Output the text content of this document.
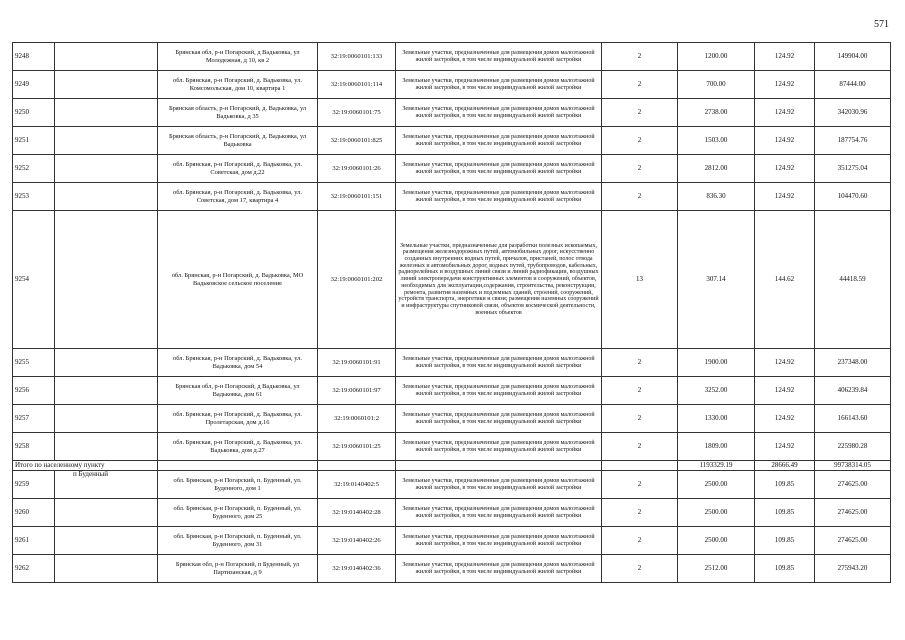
571
9248		Брянская обл, р-н Погарский, д Вадьковка, ул Молодежная, д 10, кв 2	32:19:0060101:133	Земельные участки, предназначенные для размещения домов малоэтажной жилой застройки, в том числе индивидуальной жилой застройки	2	1200.00	124.92	149904.00
9249		обл. Брянская, р-н Погарский, д. Вадьковка, ул. Комсомольская, дом 10, квартира 1	32:19:0060101:114	Земельные участки, предназначенные для размещения домов малоэтажной жилой застройки, в том числе индивидуальной жилой застройки	2	700.00	124.92	87444.00
9250		Брянская область, р-н Погарский, д. Вадьковка, ул Вадьковка, д 35	32:19:0060101:75	Земельные участки, предназначенные для размещения домов малоэтажной жилой застройки, в том числе индивидуальной жилой застройки	2	2738.00	124.92	342030.96
9251		Брянская область, р-н Погарский, д. Вадьковка, ул Вадьковка	32:19:0060101:825	Земельные участки, предназначенные для размещения домов малоэтажной жилой застройки, в том числе индивидуальной жилой застройки	2	1503.00	124.92	187754.76
9252		обл. Брянская, р-н Погарский, д. Вадьковка, ул. Советская, дом д.22	32:19:0060101:26	Земельные участки, предназначенные для размещения домов малоэтажной жилой застройки, в том числе индивидуальной жилой застройки	2	2812.00	124.92	351275.04
9253		обл. Брянская, р-н Погарский, д. Вадьковка, ул. Советская, дом 17, квартира 4	32:19:0060101:151	Земельные участки, предназначенные для размещения домов малоэтажной жилой застройки, в том числе индивидуальной жилой застройки	2	836.30	124.92	104470.60
9254		обл. Брянская, р-н Погарский, д. Вадьковка, МО Вадьковское сельское поселение	32:19:0060101:202	Земельные участки, предназначенные для разработки полезных ископаемых, размещения железнодорожных путей, автомобильных дорог, искусственно созданных внутренних водных путей, причалов, пристаней, полос отвода железных и автомобильных дорог, водных путей, трубопроводов, кабельных, радиорелейных и воздушных линий связи и линий радиофикации, воздушных линий электропередачи конструктивных элементов и сооружений, объектов, необходимых для эксплуатации,содержания, строительства, реконструкции, ремонта, развития наземных и подземных зданий, строений, сооружений, устройств транспорта, энергетики и связи; размещения наземных сооружений и инфраструктуры спутниковой связи, объектов космической деятельности, военных объектов	13	307.14	144.62	44418.59
9255		обл. Брянская, р-н Погарский, д. Вадьковка, ул. Вадьковка, дом 54	32:19:0060101:91	Земельные участки, предназначенные для размещения домов малоэтажной жилой застройки, в том числе индивидуальной жилой застройки	2	1900.00	124.92	237348.00
9256		Брянская обл, р-н Погарский, д Вадьковка, ул Вадьковка, дом 61	32:19:0060101:97	Земельные участки, предназначенные для размещения домов малоэтажной жилой застройки, в том числе индивидуальной жилой застройки	2	3252.00	124.92	406239.84
9257		обл. Брянская, р-н Погарский, д. Вадьковка, ул. Пролетарская, дом д.16	32:19:0060101:2	Земельные участки, предназначенные для размещения домов малоэтажной жилой застройки, в том числе индивидуальной жилой застройки	2	1330.00	124.92	166143.60
9258		обл. Брянская, р-н Погарский, д. Вадьковка, ул. Вадьковка, дом д.27	32:19:0060101:25	Земельные участки, предназначенные для размещения домов малоэтажной жилой застройки, в том числе индивидуальной жилой застройки	2	1809.00	124.92	225980.28
Итого по населенному пункту						1193329.19	28666.49	99738314.05
9259	п Буденный	обл. Брянская, р-н Погарский, п. Буденный, ул. Буденного, дом 1	32:19:0140402:5	Земельные участки, предназначенные для размещения домов малоэтажной жилой застройки, в том числе индивидуальной жилой застройки	2	2500.00	109.85	274625.00
9260		обл. Брянская, р-н Погарский, п. Буденный, ул. Буденного, дом 25	32:19:0140402:28	Земельные участки, предназначенные для размещения домов малоэтажной жилой застройки, в том числе индивидуальной жилой застройки	2	2500.00	109.85	274625.00
9261		обл. Брянская, р-н Погарский, п. Буденный, ул. Буденного, дом 31	32:19:0140402:26	Земельные участки, предназначенные для размещения домов малоэтажной жилой застройки, в том числе индивидуальной жилой застройки	2	2500.00	109.85	274625.00
9262		Брянская обл, р-н Погарский, п Буденный, ул Партизанская, д 9	32:19:0140402:36	Земельные участки, предназначенные для размещения домов малоэтажной жилой застройки, в том числе индивидуальной жилой застройки	2	2512.00	109.85	275943.20
